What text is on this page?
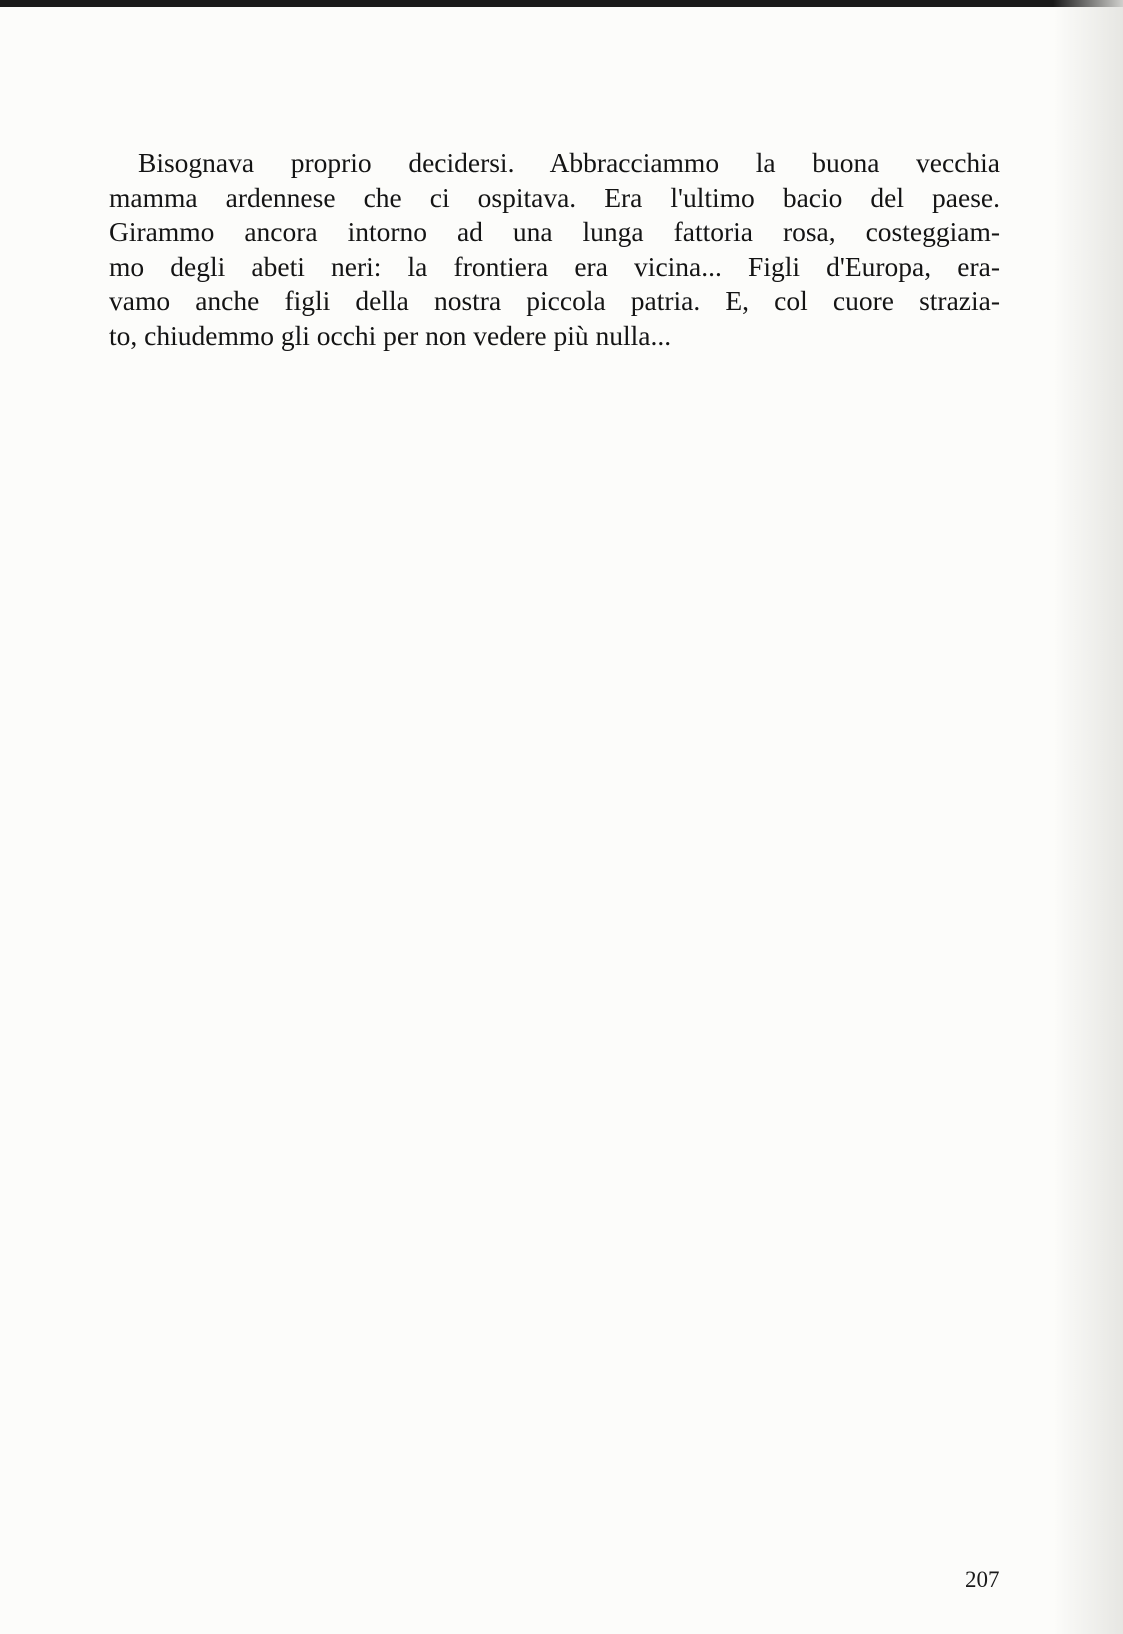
Bisognava proprio decidersi. Abbracciammo la buona vecchia
mamma ardennese che ci ospitava. Era l'ultimo bacio del paese.
Girammo ancora intorno ad una lunga fattoria rosa, costeggiam-
mo degli abeti neri: la frontiera era vicina... Figli d'Europa, era-
vamo anche figli della nostra piccola patria. E, col cuore strazia-
to, chiudemmo gli occhi per non vedere più nulla...
207
